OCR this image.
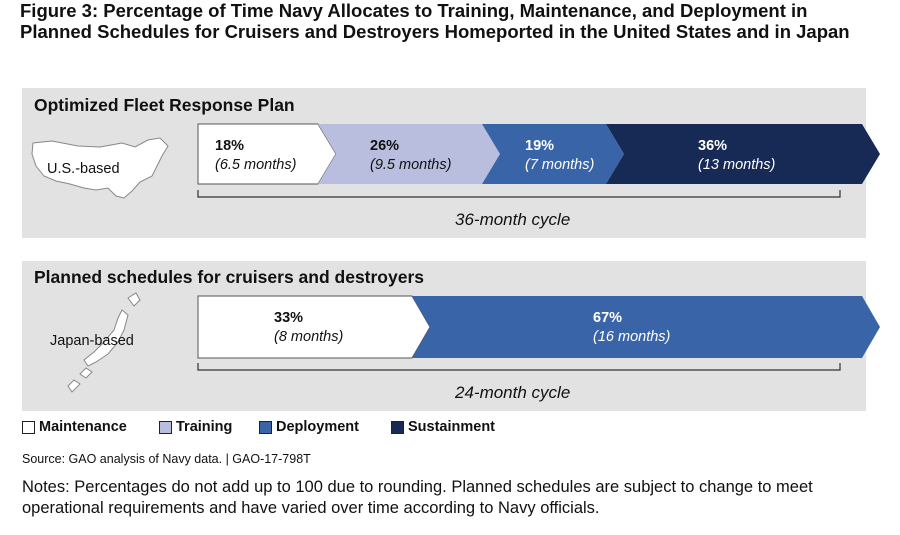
Figure 3: Percentage of Time Navy Allocates to Training, Maintenance, and Deployment in Planned Schedules for Cruisers and Destroyers Homeported in the United States and in Japan
Optimized Fleet Response Plan
Planned schedules for cruisers and destroyers
U.S.-based
Japan-based
18%
(6.5 months)
26%
(9.5 months)
19%
(7 months)
36%
(13 months)
33%
(8 months)
67%
(16 months)
36-month cycle
24-month cycle
Maintenance	Training	Deployment	Sustainment
Source: GAO analysis of Navy data. | GAO-17-798T
Notes: Percentages do not add up to 100 due to rounding. Planned schedules are subject to change to meet operational requirements and have varied over time according to Navy officials.
